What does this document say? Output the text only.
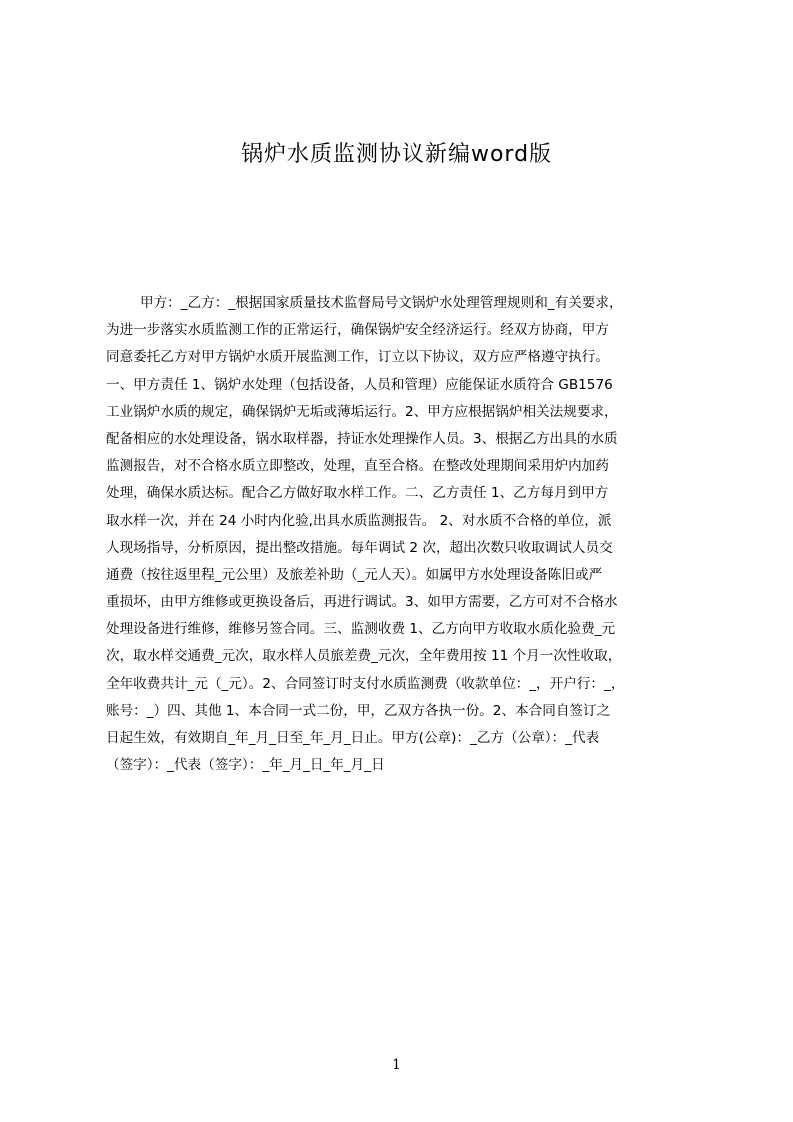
锅炉水质监测协议新编word版
甲方：_乙方：_根据国家质量技术监督局号文锅炉水处理管理规则和_有关要求，
为进一步落实水质监测工作的正常运行，确保锅炉安全经济运行。经双方协商，甲方
同意委托乙方对甲方锅炉水质开展监测工作，订立以下协议，双方应严格遵守执行。
一、甲方责任 1、锅炉水处理（包括设备，人员和管理）应能保证水质符合 GB1576
工业锅炉水质的规定，确保锅炉无垢或薄垢运行。2、甲方应根据锅炉相关法规要求，
配备相应的水处理设备，锅水取样器，持证水处理操作人员。3、根据乙方出具的水质
监测报告，对不合格水质立即整改，处理，直至合格。在整改处理期间采用炉内加药
处理，确保水质达标。配合乙方做好取水样工作。二、乙方责任 1、乙方每月到甲方
取水样一次，并在 24 小时内化验,出具水质监测报告。 2、对水质不合格的单位，派
人现场指导，分析原因，提出整改措施。每年调试 2 次，超出次数只收取调试人员交
通费（按往返里程_元公里）及旅差补助（_元人天）。如属甲方水处理设备陈旧或严
重损坏，由甲方维修或更换设备后，再进行调试。3、如甲方需要，乙方可对不合格水
处理设备进行维修，维修另签合同。三、监测收费 1、乙方向甲方收取水质化验费_元
次，取水样交通费_元次，取水样人员旅差费_元次，全年费用按 11 个月一次性收取，
全年收费共计_元（_元）。2、合同签订时支付水质监测费（收款单位：_，开户行：_，
账号：_）四、其他 1、本合同一式二份，甲，乙双方各执一份。2、本合同自签订之
日起生效，有效期自_年_月_日至_年_月_日止。甲方(公章)：_乙方（公章）：_代表
（签字）：_代表（签字）：_年_月_日_年_月_日
1
